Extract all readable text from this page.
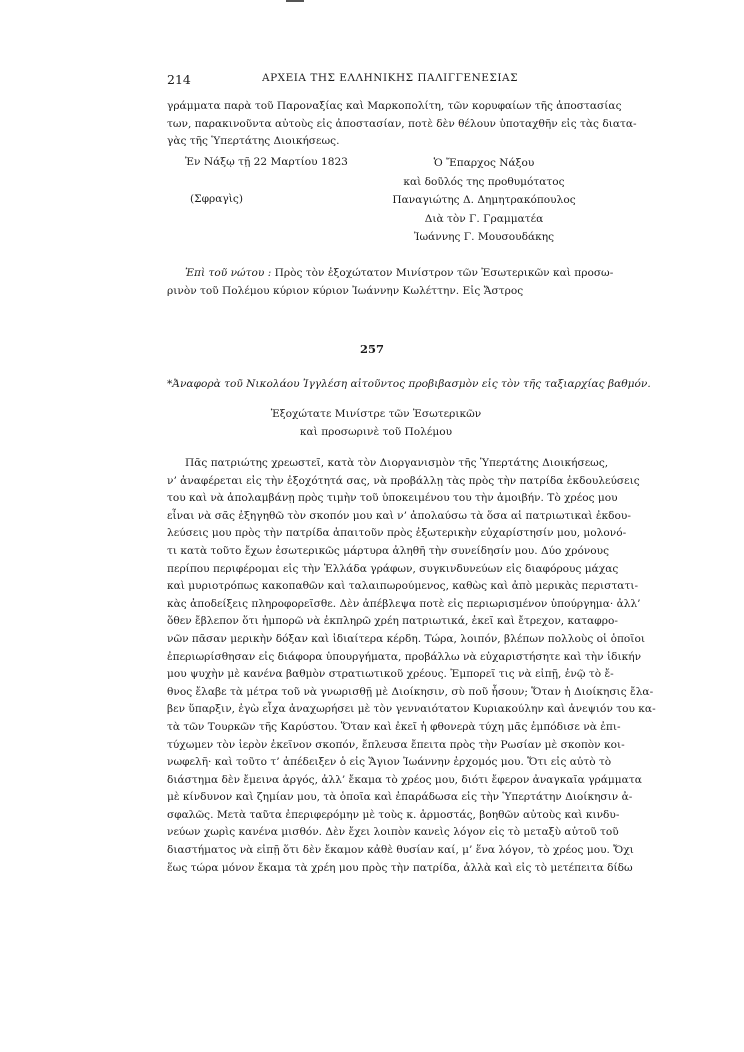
214	ΑΡΧΕΙΑ ΤΗΣ ΕΛΛΗΝΙΚΗΣ ΠΑΛΙΓΓΕΝΕΣΙΑΣ
γράμματα παρὰ τοῦ Παροναξίας καὶ Μαρκοπολίτη, τῶν κορυφαίων τῆς ἀποστασίας
των, παρακινοῦντα αὐτοὺς εἰς ἀποστασίαν, ποτὲ δὲν θέλουν ὑποταχθῆν εἰς τὰς διατα-
γὰς τῆς Ὑπερτάτης Διοικήσεως.
Ἐν Νάξῳ τῇ 22 Μαρτίου 1823
(Σφραγὶς)
Ὁ Ἔπαρχος Νάξου
καὶ δοῦλός της προθυμότατος
Παναγιώτης Δ. Δημητρακόπουλος
Διὰ τὸν Γ. Γραμματέα
Ἰωάννης Γ. Μουσουδάκης
Ἐπὶ τοῦ νώτου : Πρὸς τὸν ἐξοχώτατον Μινίστρον τῶν Ἐσωτερικῶν καὶ προσω-
ρινὸν τοῦ Πολέμου κύριον κύριον Ἰωάννην Κωλέττην. Εἰς Ἄστρος
257
*Ἀναφορὰ τοῦ Νικολάου Ἰγγλέση αἰτοῦντος προβιβασμὸν εἰς τὸν τῆς ταξιαρχίας βαθμόν.
Ἐξοχώτατε Μινίστρε τῶν Ἐσωτερικῶν
καὶ προσωρινὲ τοῦ Πολέμου
Πᾶς πατριώτης χρεωστεῖ, κατὰ τὸν Διοργανισμὸν τῆς Ὑπερτάτης Διοικήσεως,
ν’ ἀναφέρεται εἰς τὴν ἐξοχότητά σας, νὰ προβάλλῃ τὰς πρὸς τὴν πατρίδα ἐκδουλεύσεις
του καὶ νὰ ἀπολαμβάνῃ πρὸς τιμὴν τοῦ ὑποκειμένου του τὴν ἀμοιβήν. Τὸ χρέος μου
εἶναι νὰ σᾶς ἐξηγηθῶ τὸν σκοπόν μου καὶ ν’ ἀπολαύσω τὰ ὅσα αἱ πατριωτικαὶ ἐκδου-
λεύσεις μου πρὸς τὴν πατρίδα ἀπαιτοῦν πρὸς ἐξωτερικὴν εὐχαρίστησίν μου, μολονό-
τι κατὰ τοῦτο ἔχων ἐσωτερικῶς μάρτυρα ἀληθῆ τὴν συνείδησίν μου. Δύο χρόνους
περίπου περιφέρομαι εἰς τὴν Ἑλλάδα γράφων, συγκινδυνεύων εἰς διαφόρους μάχας
καὶ μυριοτρόπως κακοπαθῶν καὶ ταλαιπωρούμενος, καθὼς καὶ ἀπὸ μερικὰς περιστατι-
κὰς ἀποδείξεις πληροφορεῖσθε. Δὲν ἀπέβλεψα ποτὲ εἰς περιωρισμένον ὑπούργημα· ἀλλ’
ὅθεν ἔβλεπον ὅτι ἠμπορῶ νὰ ἐκπληρῶ χρέη πατριωτικά, ἐκεῖ καὶ ἔτρεχον, καταφρο-
νῶν πᾶσαν μερικὴν δόξαν καὶ ἰδιαίτερα κέρδη. Τώρα, λοιπόν, βλέπων πολλοὺς οἱ ὁποῖοι
ἐπεριωρίσθησαν εἰς διάφορα ὑπουργήματα, προβάλλω νὰ εὐχαριστήσητε καὶ τὴν ἰδικήν
μου ψυχὴν μὲ κανένα βαθμὸν στρατιωτικοῦ χρέους. Ἐμπορεῖ τις νὰ εἰπῇ, ἐνῷ τὸ ἔ-
θνος ἔλαβε τὰ μέτρα τοῦ νὰ γνωρισθῇ μὲ Διοίκησιν, σὺ ποῦ ἦσουν; Ὅταν ἡ Διοίκησις ἔλα-
βεν ὕπαρξιν, ἐγὼ εἶχα ἀναχωρήσει μὲ τὸν γενναιότατον Κυριακούλην καὶ ἀνεψιόν του κα-
τὰ τῶν Τουρκῶν τῆς Καρύστου. Ὅταν καὶ ἐκεῖ ἡ φθονερὰ τύχη μᾶς ἐμπόδισε νὰ ἐπι-
τύχωμεν τὸν ἱερὸν ἐκεῖνον σκοπόν, ἔπλευσα ἔπειτα πρὸς τὴν Ρωσίαν μὲ σκοπὸν κοι-
νωφελῆ· καὶ τοῦτο τ’ ἀπέδειξεν ὁ εἰς Ἅγιον Ἰωάννην ἐρχομός μου. Ὅτι εἰς αὐτὸ τὸ
διάστημα δὲν ἔμεινα ἀργός, ἀλλ’ ἔκαμα τὸ χρέος μου, διότι ἔφερον ἀναγκαῖα γράμματα
μὲ κίνδυνον καὶ ζημίαν μου, τὰ ὁποῖα καὶ ἐπαράδωσα εἰς τὴν Ὑπερτάτην Διοίκησιν ἀ-
σφαλῶς. Μετὰ ταῦτα ἐπεριφερόμην μὲ τοὺς κ. ἁρμοστάς, βοηθῶν αὐτοὺς καὶ κινδυ-
νεύων χωρὶς κανένα μισθόν. Δὲν ἔχει λοιπὸν κανεὶς λόγον εἰς τὸ μεταξὺ αὐτοῦ τοῦ
διαστήματος νὰ εἰπῇ ὅτι δὲν ἔκαμον κἀθὲ θυσίαν καί, μ’ ἕνα λόγον, τὸ χρέος μου. Ὄχι
ἕως τώρα μόνον ἔκαμα τὰ χρέη μου πρὸς τὴν πατρίδα, ἀλλὰ καὶ εἰς τὸ μετέπειτα δίδω
